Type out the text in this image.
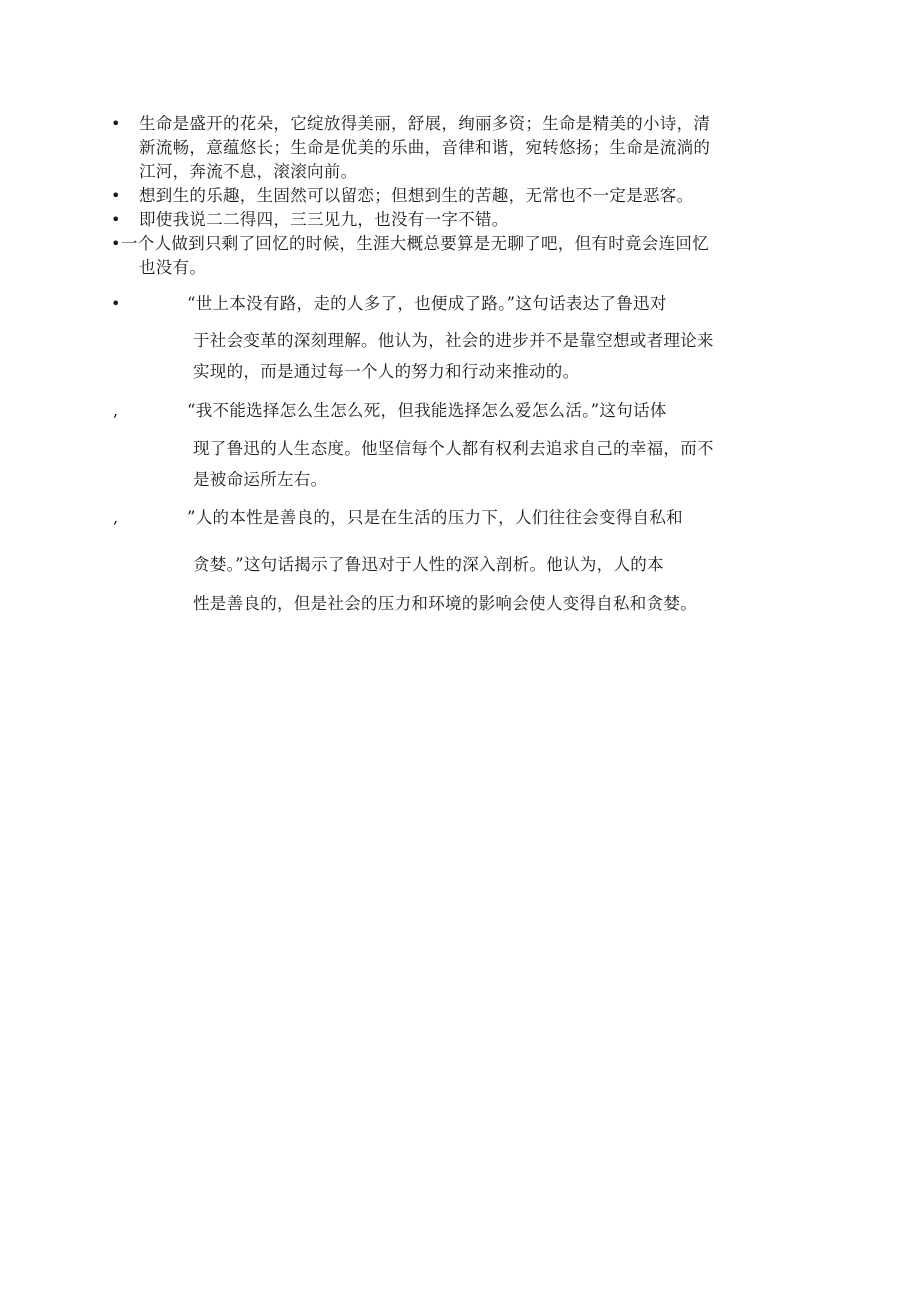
• 生命是盛开的花朵，它绽放得美丽，舒展，绚丽多资；生命是精美的小诗，清
新流畅，意蕴悠长；生命是优美的乐曲，音律和谐，宛转悠扬；生命是流淌的
江河，奔流不息，滚滚向前。
• 想到生的乐趣，生固然可以留恋；但想到生的苦趣，无常也不一定是恶客。
• 即使我说二二得四，三三见九，也没有一字不错。
• 一个人做到只剩了回忆的时候，生涯大概总要算是无聊了吧，但有时竟会连回忆
也没有。
•	“世上本没有路，走的人多了，也便成了路。”这句话表达了鲁迅对
于社会变革的深刻理解。他认为，社会的进步并不是靠空想或者理论来
实现的，而是通过每一个人的努力和行动来推动的。
,	“我不能选择怎么生怎么死，但我能选择怎么爱怎么活。”这句话体
现了鲁迅的人生态度。他坚信每个人都有权利去追求自己的幸福，而不
是被命运所左右。
,	”人的本性是善良的，只是在生活的压力下，人们往往会变得自私和
贪婪。”这句话揭示了鲁迅对于人性的深入剖析。他认为，人的本
性是善良的，但是社会的压力和环境的影响会使人变得自私和贪婪。
